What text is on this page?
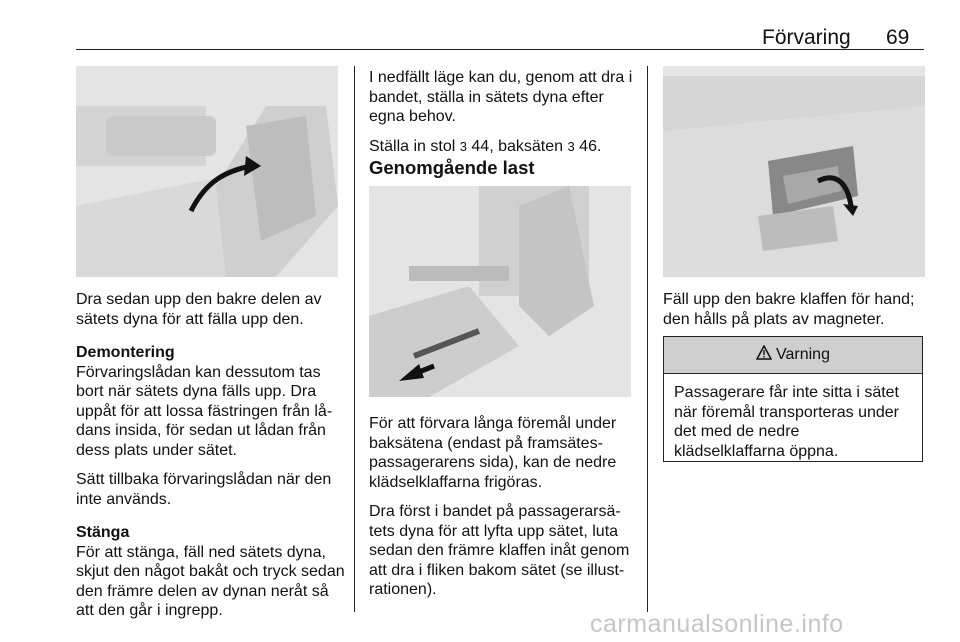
Förvaring 69

Dra sedan upp den bakre delen av sätets dyna för att fälla upp den.

Demontering

Förvaringslådan kan dessutom tas bort när sätets dyna fälls upp. Dra uppåt för att lossa fästringen från lådans insida, för sedan ut lådan från dess plats under sätet.

Sätt tillbaka förvaringslådan när den inte används.

Stänga

För att stänga, fäll ned sätets dyna, skjut den något bakåt och tryck sedan den främre delen av dynan neråt så att den går i ingrepp.

I nedfällt läge kan du, genom att dra i bandet, ställa in sätets dyna efter egna behov.

Ställa in stol 3 44, baksäten 3 46.

Genomgående last

För att förvara långa föremål under baksätena (endast på framsätespassagerarens sida), kan de nedre klädselklaffarna frigöras.

Dra först i bandet på passagerarsätets dyna för att lyfta upp sätet, luta sedan den främre klaffen inåt genom att dra i fliken bakom sätet (se illustrationen).

Fäll upp den bakre klaffen för hand; den hålls på plats av magneter.

Varning
Passagerare får inte sitta i sätet när föremål transporteras under det med de nedre klädselklaffarna öppna.
carmanualsonline.info
